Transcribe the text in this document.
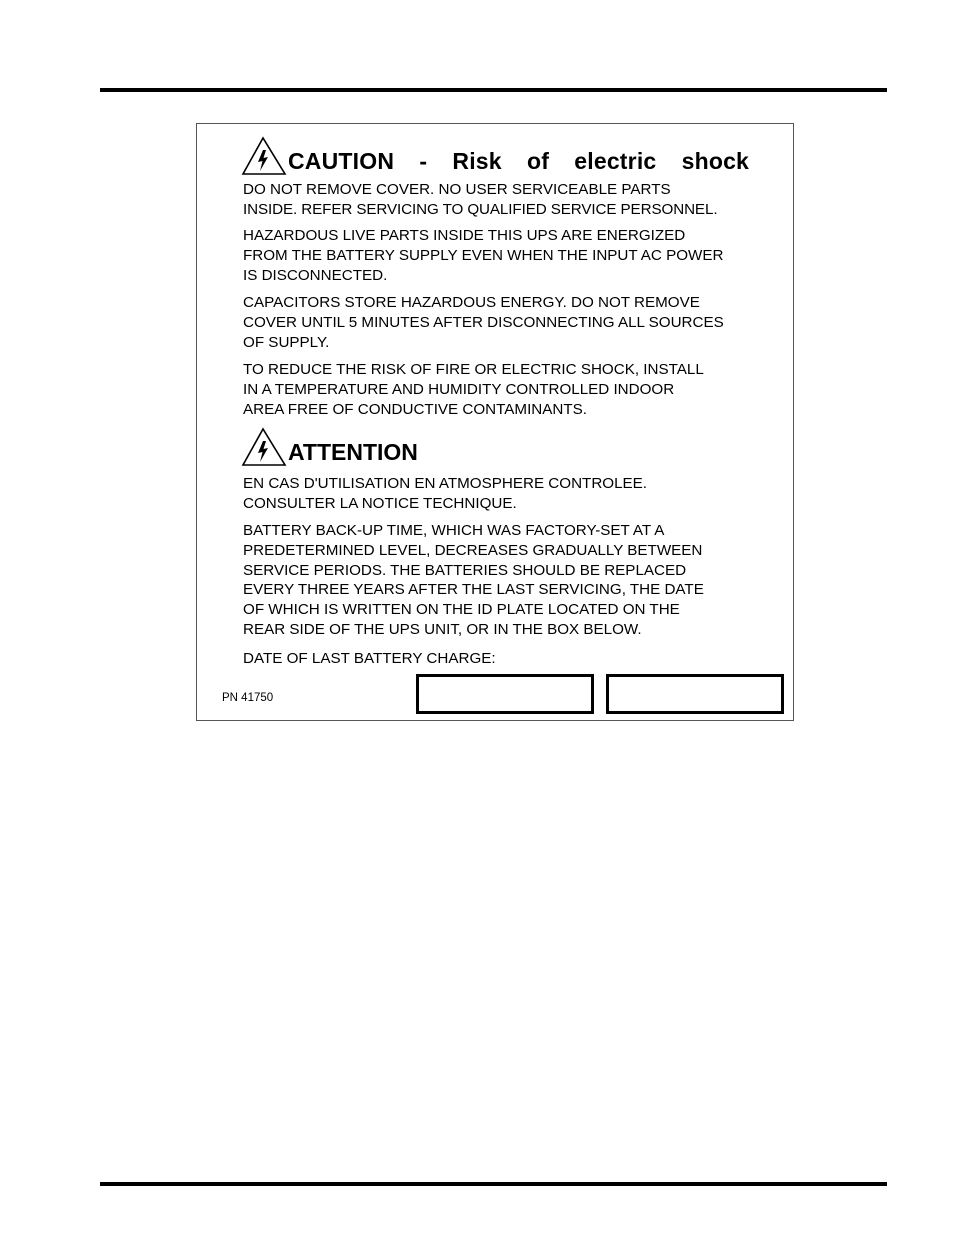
CAUTION  -  Risk  of  electric  shock

DO NOT REMOVE COVER. NO USER SERVICEABLE PARTS
INSIDE. REFER SERVICING TO QUALIFIED SERVICE PERSONNEL.

HAZARDOUS LIVE PARTS INSIDE THIS UPS ARE ENERGIZED
FROM THE BATTERY SUPPLY EVEN WHEN THE INPUT AC POWER
IS DISCONNECTED.

CAPACITORS STORE HAZARDOUS ENERGY. DO NOT REMOVE
COVER UNTIL 5 MINUTES AFTER DISCONNECTING ALL SOURCES
OF SUPPLY.

TO REDUCE THE RISK OF FIRE OR ELECTRIC SHOCK, INSTALL
IN A TEMPERATURE AND HUMIDITY CONTROLLED INDOOR
AREA FREE OF CONDUCTIVE CONTAMINANTS.

ATTENTION

EN CAS D'UTILISATION EN ATMOSPHERE CONTROLEE.
CONSULTER LA NOTICE TECHNIQUE.

BATTERY BACK-UP TIME, WHICH WAS FACTORY-SET AT A
PREDETERMINED LEVEL, DECREASES GRADUALLY BETWEEN
SERVICE PERIODS. THE BATTERIES SHOULD BE REPLACED
EVERY THREE YEARS AFTER THE LAST SERVICING, THE DATE
OF WHICH IS WRITTEN ON THE ID PLATE LOCATED ON THE
REAR SIDE OF THE UPS UNIT, OR IN THE BOX BELOW.

DATE OF LAST BATTERY CHARGE:

PN 41750
